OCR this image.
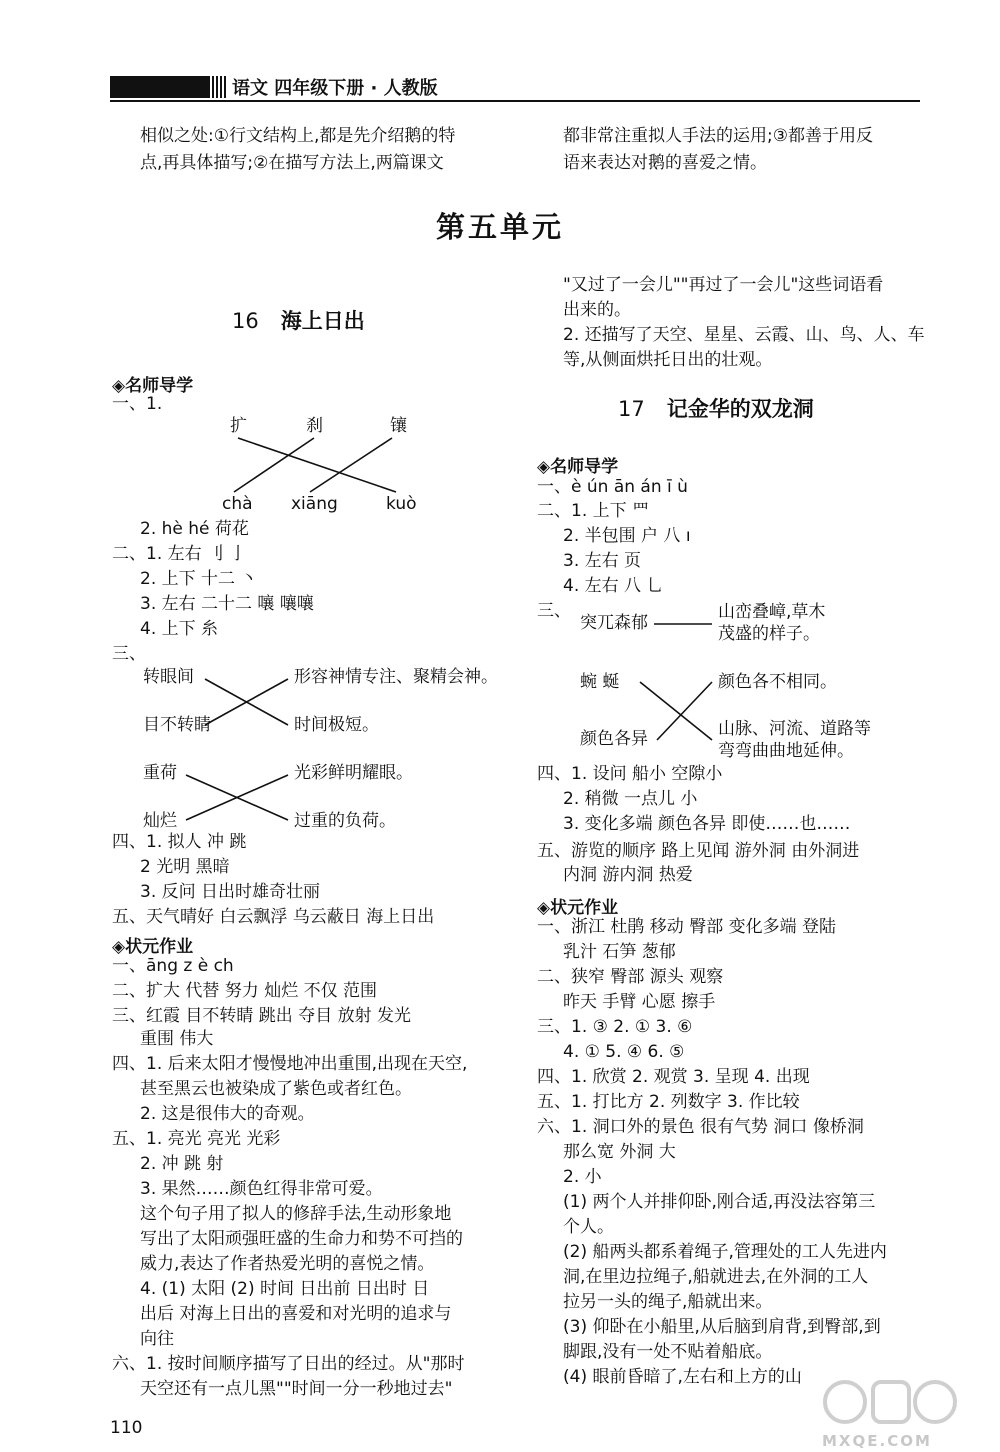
语文 四年级下册 · 人教版
相似之处:①行文结构上,都是先介绍鹅的特
点,再具体描写;②在描写方法上,两篇课文
都非常注重拟人手法的运用;③都善于用反
语来表达对鹅的喜爱之情。
第五单元
16 海上日出
◈名师导学
一、1.
扩	刹	镶
chà xiāng	kuò
2. hè hé 荷花
二、1. 左右 刂 亅
2. 上下 十二 丶
3. 左右 二十二 嚷 嚷嚷
4. 上下 糸
三、
转眼间
目不转睛
形容神情专注、聚精会神。
时间极短。
重荷
灿烂
光彩鲜明耀眼。
过重的负荷。
四、1. 拟人 冲 跳
2 光明 黑暗
3. 反问 日出时雄奇壮丽
五、天气晴好 白云飘浮 乌云蔽日 海上日出
◈状元作业
一、āng z è ch
二、扩大 代替 努力 灿烂 不仅 范围
三、红霞 目不转睛 跳出 夺目 放射 发光
重围 伟大
四、1. 后来太阳才慢慢地冲出重围,出现在天空,
甚至黑云也被染成了紫色或者红色。
2. 这是很伟大的奇观。
五、1. 亮光 亮光 光彩
2. 冲 跳 射
3. 果然……颜色红得非常可爱。
这个句子用了拟人的修辞手法,生动形象地
写出了太阳顽强旺盛的生命力和势不可挡的
威力,表达了作者热爱光明的喜悦之情。
4. (1) 太阳 (2) 时间 日出前 日出时 日
出后 对海上日出的喜爱和对光明的追求与
向往
六、1. 按时间顺序描写了日出的经过。从"那时
天空还有一点儿黑""时间一分一秒地过去"
"又过了一会儿""再过了一会儿"这些词语看
出来的。
2. 还描写了天空、星星、云霞、山、鸟、人、车
等,从侧面烘托日出的壮观。
17 记金华的双龙洞
◈名师导学
一、è ún ān án ī ù
二、1. 上下 罒
2. 半包围 户 八 ı
3. 左右 页
4. 左右 八 乚
三、
突兀森郁
山峦叠嶂,草木
茂盛的样子。
蜿 蜒
颜色各异
颜色各不相同。
山脉、河流、道路等
弯弯曲曲地延伸。
四、1. 设问 船小 空隙小
2. 稍微 一点儿 小
3. 变化多端 颜色各异 即使……也……
五、游览的顺序 路上见闻 游外洞 由外洞进
内洞 游内洞 热爱
◈状元作业
一、浙江 杜鹃 移动 臀部 变化多端 登陆
乳汁 石笋 葱郁
二、狭窄 臀部 源头 观察
昨天 手臂 心愿 擦手
三、1. ③ 2. ① 3. ⑥
4. ① 5. ④ 6. ⑤
四、1. 欣赏 2. 观赏 3. 呈现 4. 出现
五、1. 打比方 2. 列数字 3. 作比较
六、1. 洞口外的景色 很有气势 洞口 像桥洞
那么宽 外洞 大
2. 小
(1) 两个人并排仰卧,刚合适,再没法容第三
个人。
(2) 船两头都系着绳子,管理处的工人先进内
洞,在里边拉绳子,船就进去,在外洞的工人
拉另一头的绳子,船就出来。
(3) 仰卧在小船里,从后脑到肩背,到臀部,到
脚跟,没有一处不贴着船底。
(4) 眼前昏暗了,左右和上方的山
110
MXQE.COM
